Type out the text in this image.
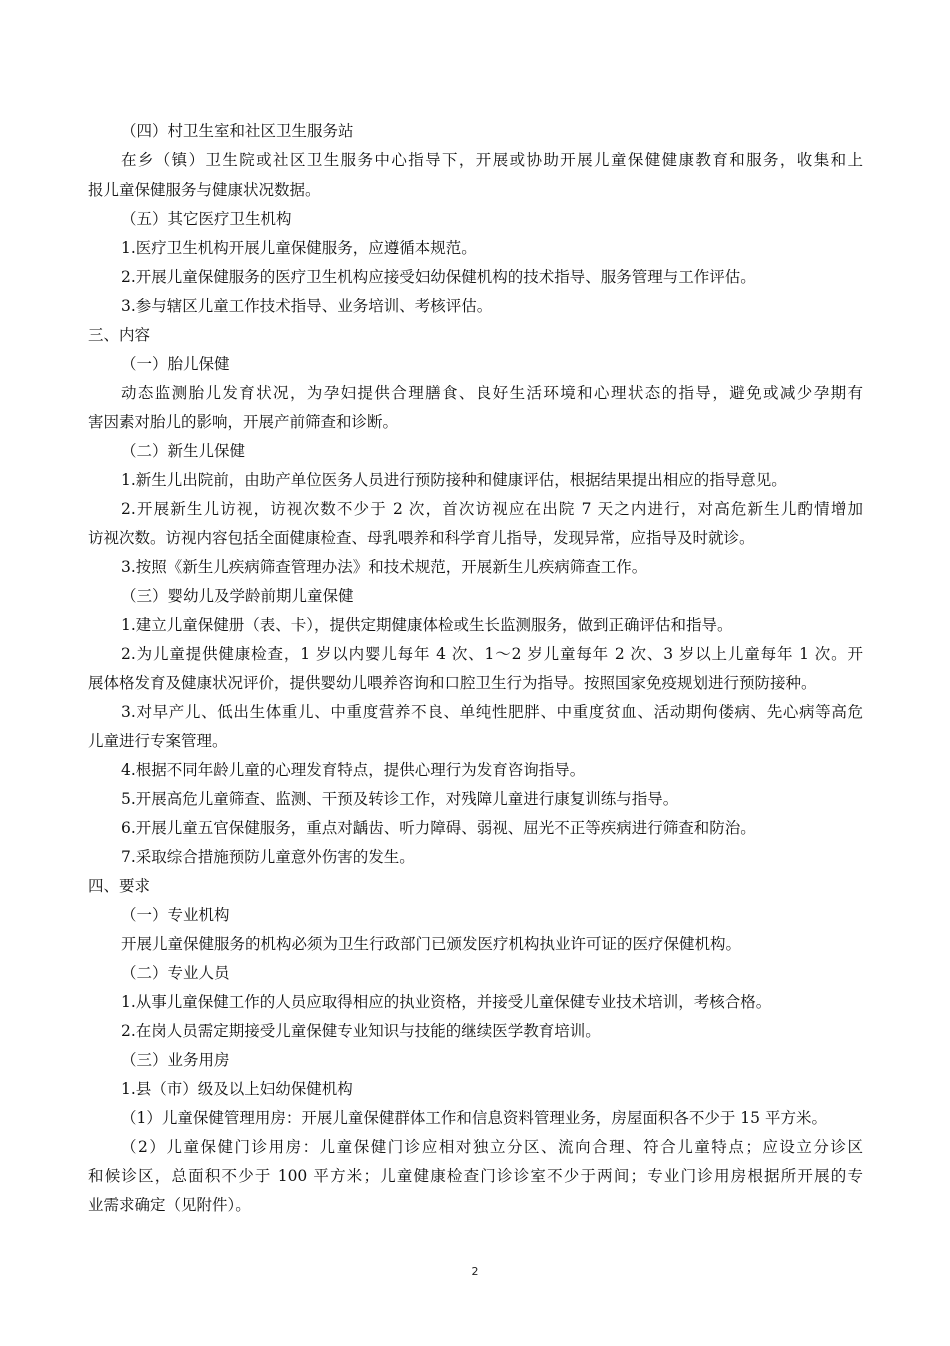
（四）村卫生室和社区卫生服务站
在乡（镇）卫生院或社区卫生服务中心指导下，开展或协助开展儿童保健健康教育和服务，收集和上
报儿童保健服务与健康状况数据。
（五）其它医疗卫生机构
1.医疗卫生机构开展儿童保健服务，应遵循本规范。
2.开展儿童保健服务的医疗卫生机构应接受妇幼保健机构的技术指导、服务管理与工作评估。
3.参与辖区儿童工作技术指导、业务培训、考核评估。
三、内容
（一）胎儿保健
动态监测胎儿发育状况，为孕妇提供合理膳食、良好生活环境和心理状态的指导，避免或减少孕期有
害因素对胎儿的影响，开展产前筛查和诊断。
（二）新生儿保健
1.新生儿出院前，由助产单位医务人员进行预防接种和健康评估，根据结果提出相应的指导意见。
2.开展新生儿访视，访视次数不少于 2 次，首次访视应在出院 7 天之内进行，对高危新生儿酌情增加
访视次数。访视内容包括全面健康检查、母乳喂养和科学育儿指导，发现异常，应指导及时就诊。
3.按照《新生儿疾病筛查管理办法》和技术规范，开展新生儿疾病筛查工作。
（三）婴幼儿及学龄前期儿童保健
1.建立儿童保健册（表、卡），提供定期健康体检或生长监测服务，做到正确评估和指导。
2.为儿童提供健康检查，1 岁以内婴儿每年 4 次、1～2 岁儿童每年 2 次、3 岁以上儿童每年 1 次。开
展体格发育及健康状况评价，提供婴幼儿喂养咨询和口腔卫生行为指导。按照国家免疫规划进行预防接种。
3.对早产儿、低出生体重儿、中重度营养不良、单纯性肥胖、中重度贫血、活动期佝偻病、先心病等高危
儿童进行专案管理。
4.根据不同年龄儿童的心理发育特点，提供心理行为发育咨询指导。
5.开展高危儿童筛查、监测、干预及转诊工作，对残障儿童进行康复训练与指导。
6.开展儿童五官保健服务，重点对龋齿、听力障碍、弱视、屈光不正等疾病进行筛查和防治。
7.采取综合措施预防儿童意外伤害的发生。
四、要求
（一）专业机构
开展儿童保健服务的机构必须为卫生行政部门已颁发医疗机构执业许可证的医疗保健机构。
（二）专业人员
1.从事儿童保健工作的人员应取得相应的执业资格，并接受儿童保健专业技术培训，考核合格。
2.在岗人员需定期接受儿童保健专业知识与技能的继续医学教育培训。
（三）业务用房
1.县（市）级及以上妇幼保健机构
（1）儿童保健管理用房：开展儿童保健群体工作和信息资料管理业务，房屋面积各不少于 15 平方米。
（2）儿童保健门诊用房：儿童保健门诊应相对独立分区、流向合理、符合儿童特点；应设立分诊区
和候诊区，总面积不少于 100 平方米；儿童健康检查门诊诊室不少于两间；专业门诊用房根据所开展的专
业需求确定（见附件）。
2
